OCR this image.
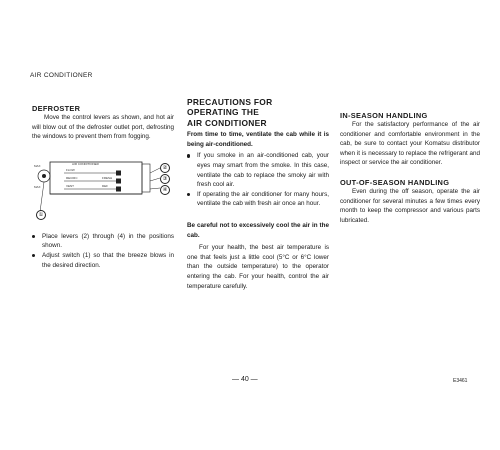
AIR CONDITIONER
DEFROSTER

Move the control levers as shown, and hot air will blow out of the defroster outlet port, defrosting the windows to prevent them from fogging.

AIR CONDITIONER
MAX
FLOW
RECIRC	FRESH
MAX	VENT	DEF
①
②
③
④
Place levers (2) through (4) in the positions shown.
Adjust switch (1) so that the breeze blows in the desired direction.
PRECAUTIONS FOR
OPERATING THE
AIR CONDITIONER

From time to time, ventilate the cab while it is being air-conditioned.

If you smoke in an air-conditioned cab, your eyes may smart from the smoke. In this case, ventilate the cab to replace the smoky air with fresh cool air.
If operating the air conditioner for many hours, ventilate the cab with fresh air once an hour.

Be careful not to excessively cool the air in the cab.

For your health, the best air temperature is one that feels just a little cool (5°C or 6°C lower than the outside temperature) to the operator entering the cab. For your health, control the air temperature carefully.

IN-SEASON HANDLING

For the satisfactory performance of the air conditioner and comfortable environment in the cab, be sure to contact your Komatsu distributor when it is necessary to replace the refrigerant and inspect or service the air conditioner.

OUT-OF-SEASON HANDLING

Even during the off season, operate the air conditioner for several minutes a few times every month to keep the compressor and various parts lubricated.

— 40 —	E3461
